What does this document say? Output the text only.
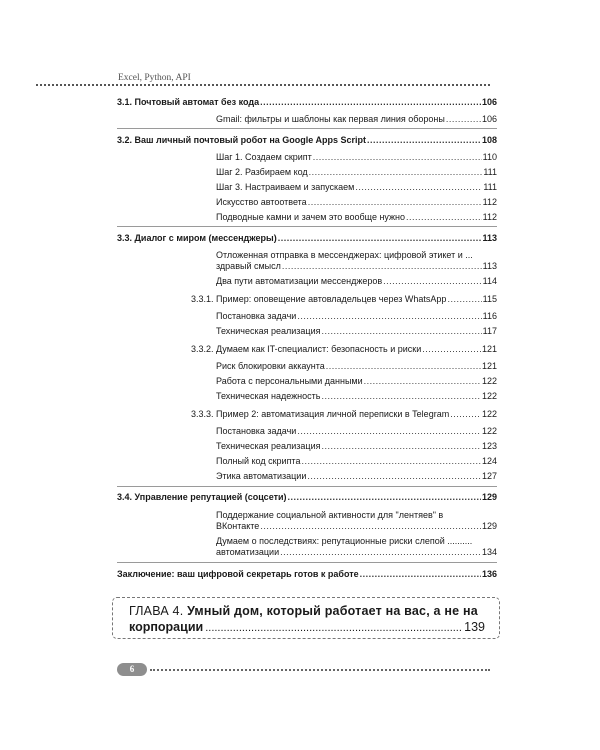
Excel, Python, API
3.1. Почтовый автомат без кода .....	106
Gmail: фильтры и шаблоны как первая линия обороны .....	106
3.2. Ваш личный почтовый робот на Google Apps Script .....	108
Шаг 1. Создаем скрипт .....	110
Шаг 2. Разбираем код .....	111
Шаг 3. Настраиваем и запускаем .....	111
Искусство автоответа .....	112
Подводные камни и зачем это вообще нужно .....	112
3.3. Диалог с миром (мессенджеры) .....	113
Отложенная отправка в мессенджерах: цифровой этикет и ...
здравый смысл .....	113
Два пути автоматизации мессенджеров .....	114
3.3.1. Пример: оповещение автовладельцев через WhatsApp .....	115
Постановка задачи .....	116
Техническая реализация .....	117
3.3.2. Думаем как IT-специалист: безопасность и риски .....	121
Риск блокировки аккаунта .....	121
Работа с персональными данными .....	122
Техническая надежность .....	122
3.3.3. Пример 2: автоматизация личной переписки в Telegram .....	122
Постановка задачи .....	122
Техническая реализация .....	123
Полный код скрипта .....	124
Этика автоматизации .....	127
3.4. Управление репутацией (соцсети) .....	129
Поддержание социальной активности для "лентяев" в
ВКонтакте .....	129
Думаем о последствиях: репутационные риски слепой ..........
автоматизации .....	134
Заключение: ваш цифровой секретарь готов к работе .....	136
ГЛАВА 4. Умный дом, который работает на вас, а не на
корпорации .....	139
6
